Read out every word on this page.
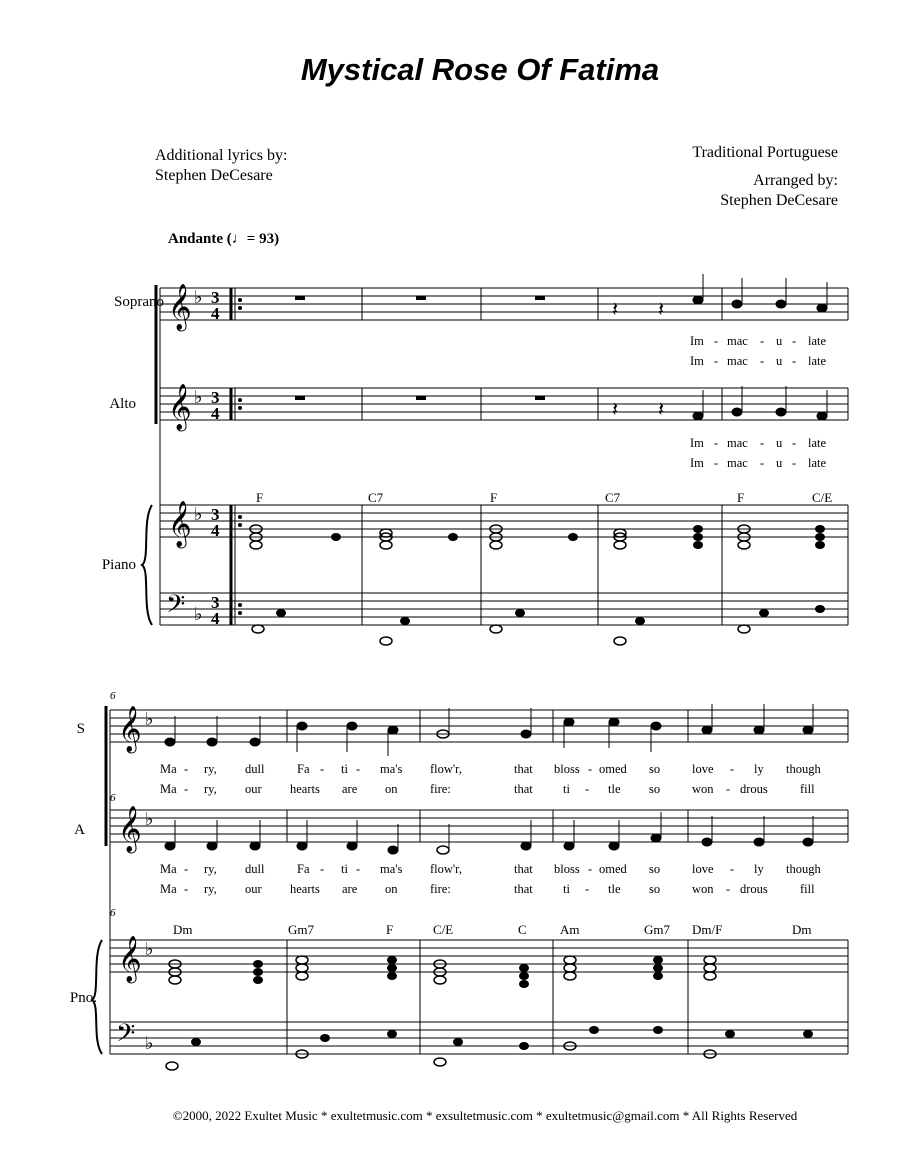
Mystical Rose Of Fatima
Additional lyrics by:
Stephen DeCesare
Traditional Portuguese
Arranged by:
Stephen DeCesare
Andante (♩= 93)
Soprano
Alto
Piano
S
A
Pno.
𝄞
𝄞
𝄞
𝄢
♭
♭
♭
♭
3
4
3
4
3
4
3
4
𝄽 𝄽
𝄽 𝄽
𝄞
𝄞
𝄞
𝄢
♭
♭
♭
♭
6
6
6
F	C7	F	C7	F	C/E
Dm	Gm7	F	C/E	C	Am	Gm7 Dm/F	Dm
Im - mac - u - late
Im - mac - u - late
Im - mac - u - late
Im - mac - u - late
Ma - ry, dull	Fa - ti - ma's flow'r,	that bloss - omed so	love - ly though
Ma - ry, our hearts are on	fire:	that ti - tle so	won - drous	fill
Ma - ry, dull	Fa - ti - ma's flow'r,	that bloss - omed so	love - ly though
Ma - ry, our hearts are on	fire:	that ti - tle so	won - drous	fill
©2000, 2022 Exultet Music * exultetmusic.com * exsultetmusic.com * exultetmusic@gmail.com * All Rights Reserved
